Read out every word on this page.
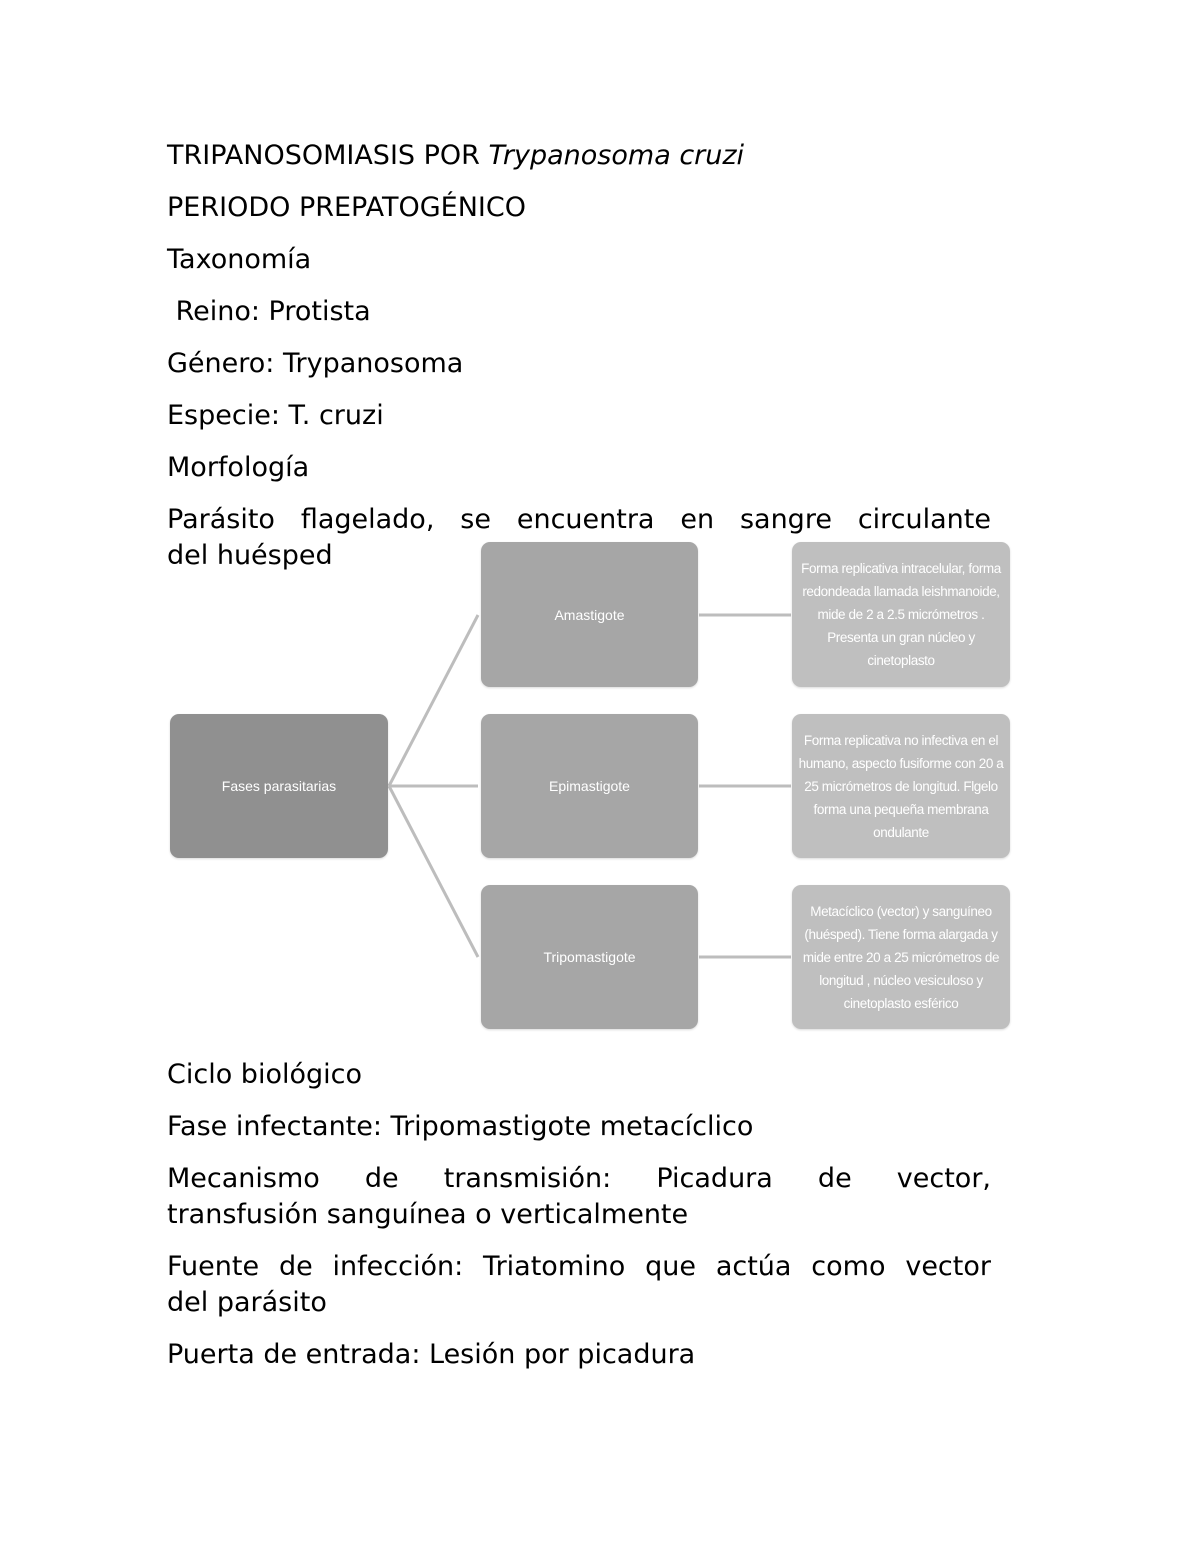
TRIPANOSOMIASIS POR Trypanosoma cruzi
PERIODO PREPATOGÉNICO
Taxonomía
Reino: Protista
Género: Trypanosoma
Especie: T. cruzi
Morfología
Parásito flagelado, se encuentra en sangre circulante
del huésped
Fases parasitarias
Amastigote
Epimastigote
Tripomastigote
Forma replicativa intracelular, forma redondeada llamada leishmanoide, mide de 2 a 2.5 micrómetros . Presenta un gran núcleo y cinetoplasto
Forma replicativa no infectiva en el humano, aspecto fusiforme con 20 a 25 micrómetros de longitud. Flgelo forma una pequeña membrana ondulante
Metacíclico (vector) y sanguíneo (huésped). Tiene forma alargada y mide entre 20 a 25 micrómetros de longitud , núcleo vesiculoso y cinetoplasto esférico
Ciclo biológico
Fase infectante: Tripomastigote metacíclico
Mecanismo de transmisión: Picadura de vector,
transfusión sanguínea o verticalmente
Fuente de infección: Triatomino que actúa como vector
del parásito
Puerta de entrada: Lesión por picadura
